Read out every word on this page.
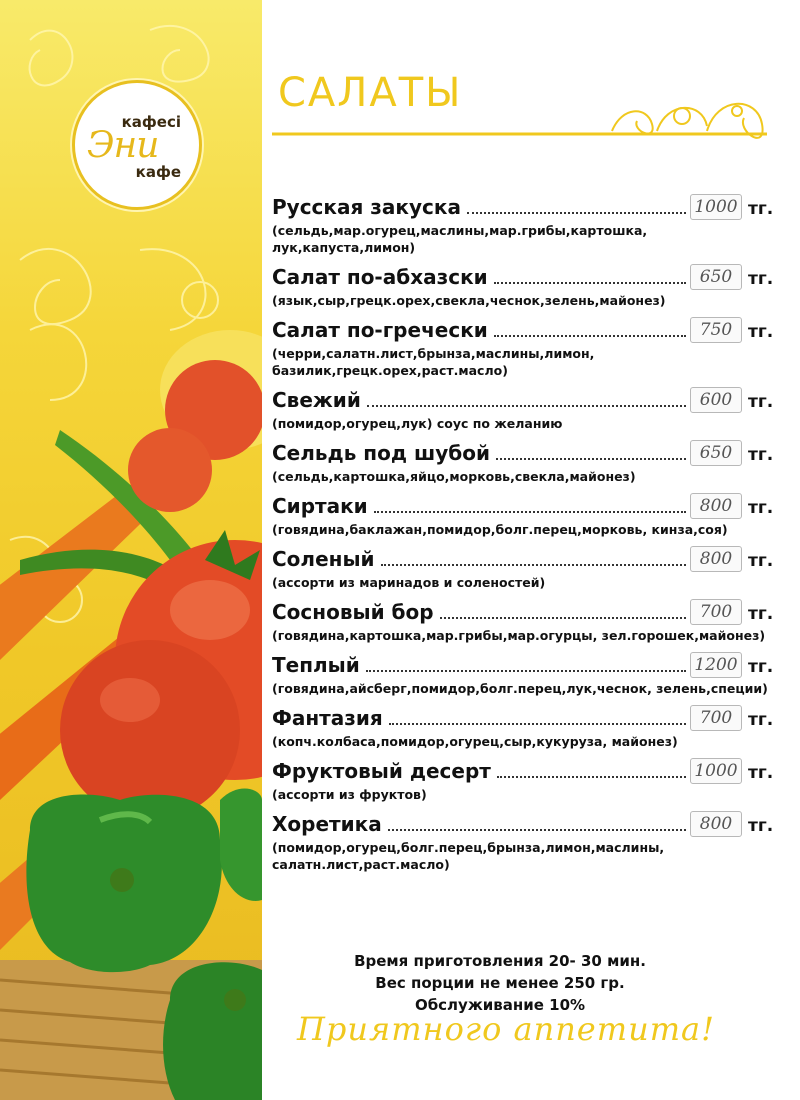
кафесі
Эни
кафе
САЛАТЫ
Русская закуска	1000 тг.
(сельдь,мар.огурец,маслины,мар.грибы,картошка, лук,капуста,лимон)
Салат по-абхазски	650 тг.
(язык,сыр,грецк.орех,свекла,чеснок,зелень,майонез)
Салат по-гречески	750 тг.
(черри,салатн.лист,брынза,маслины,лимон, базилик,грецк.орех,раст.масло)
Свежий	600 тг.
(помидор,огурец,лук) соус по желанию
Сельдь под шубой	650 тг.
(сельдь,картошка,яйцо,морковь,свекла,майонез)
Сиртаки	800 тг.
(говядина,баклажан,помидор,болг.перец,морковь, кинза,соя)
Соленый	800 тг.
(ассорти из маринадов и соленостей)
Сосновый бор	700 тг.
(говядина,картошка,мар.грибы,мар.огурцы, зел.горошек,майонез)
Теплый	1200 тг.
(говядина,айсберг,помидор,болг.перец,лук,чеснок, зелень,специи)
Фантазия	700 тг.
(копч.колбаса,помидор,огурец,сыр,кукуруза, майонез)
Фруктовый десерт	1000 тг.
(ассорти из фруктов)
Хоретика	800 тг.
(помидор,огурец,болг.перец,брынза,лимон,маслины, салатн.лист,раст.масло)
Время приготовления 20- 30 мин.
Вес порции не менее 250 гр.
Обслуживание 10%
Приятного аппетита!
